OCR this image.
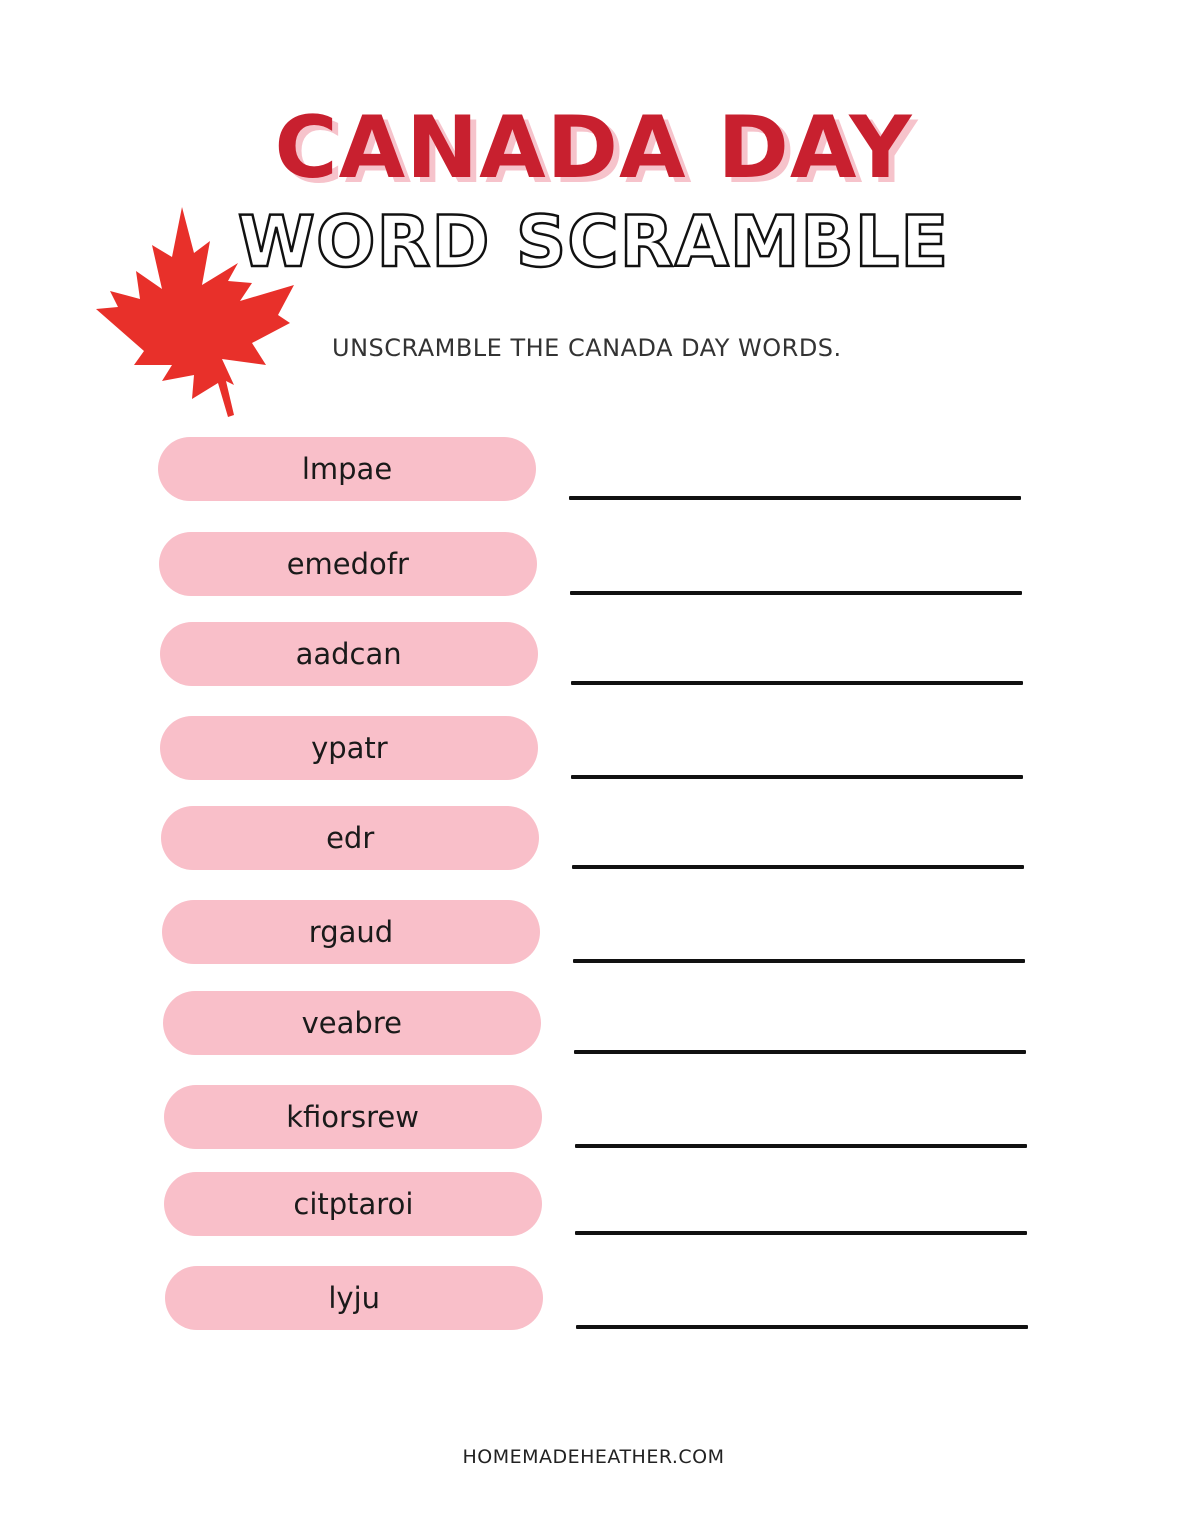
CANADA DAY
WORD SCRAMBLE
UNSCRAMBLE THE CANADA DAY WORDS.
lmpae
emedofr
aadcan
ypatr
edr
rgaud
veabre
kfiorsrew
citptaroi
lyju
HOMEMADEHEATHER.COM
